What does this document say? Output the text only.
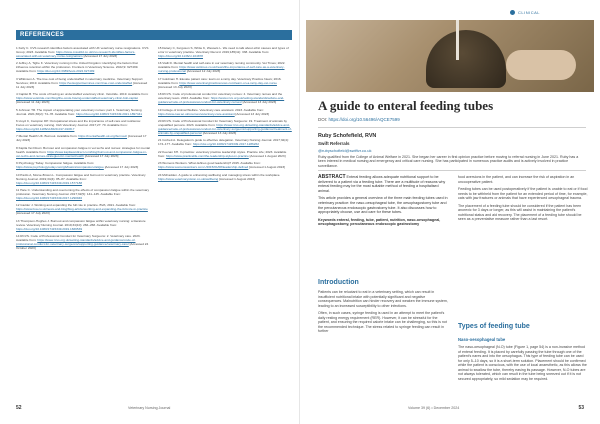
REFERENCES
1 Kelly C. CVS research identifies factors associated with UK veterinary nurse resignations. CVS Group; 2023. Available from: https://www.cvsukltd.co.uk/cvs-research-identifies-factors-associated-with-uk-veterinary-nurse-resignations [Accessed 17 July 2023]
2 Jeffrey A, Tighe K. Veterinary nursing in the United Kingdom: identifying the factors that influence retention within the profession. Frontiers in Veterinary Science. 2022;9: 927499. Available from: https://doi.org/10.3389/fvets.2022.927499
3 Wilkinson A. The true cost of being understaffed in veterinary medicine. Veterinary Support Services; 2019. Available from: https://vetsupportservices.com/true-cost-understaffed [Accessed 11 July 2023]
4 Capilet B. The costs of having an understaffed veterinary clinic. Vetstride. 2019. Available from: https://www.vetstride.com/blog/the-costs-having-understaffed-veterinary-clinic-bolt-capilet [Accessed 11 July 2023]
5 Johnson TR. The impact of appreciating your veterinary nurses: part 1. Veterinary Nursing Journal. 2021;36(2): 74–78. Available from: https://doi.org/10.1080/17415349.2021.1897441
6 Lloyd C, Campion DP. Occupational stress and the importance of self-care and resilience: Focus on veterinary nursing. Irish Veterinary Journal. 2017;27: 70. Available from: https://doi.org/10.1186/s13620-017-0108-7
7 Mental Health UK. Burnout. Available from: https://mentalhealth-uk.org/burnout/ [Accessed 17 July 2023]
8 Kapila Vet Direct. Burnout and compassion fatigue in vet techs and nurses: strategies for mental health. Available from: https://www.kapilavetdirect.com/blog/burnout-and-compassion-fatigue-in-vet-techs-and-nurses-strategies-for-mental-health [Accessed 17 July 2023]
9 Psychology Today. Compassion fatigue. Available from: https://www.psychologytoday.com/gb/basics/compassion-fatigue [Accessed 17 July 2023]
10 Pavlis A, Morse-Brown L. Compassion fatigue and burnout in veterinary practice. Veterinary Nursing Journal. 2019;34(4): 85–87. Available from: https://doi.org/10.1080/17415349.2019.1577188
11 Hare C. Understanding and overcoming the effects of compassion fatigue within the veterinary profession. Veterinary Nursing Journal. 2017;32(5): 141–145. Available from: https://doi.org/10.1080/17415349.2017.1290946
12 Gielder J. Working and expanding the full role in practice. BVA; 2021. Available from: https://www.bva.co.uk/news-and-blog/blog-article/working-and-expanding-the-full-role-in-practice [Accessed 17 July 2023]
13 Thompson-Hughes J. Burnout and compassion fatigue within veterinary nursing: a literature review. Veterinary Nursing Journal. 2019;34(10): 266–268. Available from: https://doi.org/10.1080/17415349.2019.1669539
14 RCVS. Code of Professional Conduct for Veterinary Surgeons: 2. Veterinary care. 2023. Available from: https://www.rcvs.org.uk/setting-standards/advice-and-guidance/code-of-professional-conduct-for-veterinary-surgeons/supporting-guidance/veterinary-care/ [Accessed 24 October 2023]
15 Delacy C, Ferguson S, White K, Wessels L. We need to talk about ethic causes and types of error in veterinary practice. Veterinary Record. 2019;185(11): 338. Available from: https://doi.org/10.1136/vr.104878
16 Vialli D. Mental health and self-care in our veterinary nursing community. Vet Times; 2022. Available from: https://www.vettimes.co.uk/news/the-importance-of-self-care-as-a-veterinary-nursing-professional [Accessed 12 July 2023]
17 Goldman H. Elevate patient care: learn on a rainy day. Veterinary Practice News; 2016. Available from: https://www.veterinarypracticenews.com/learn-on-a-rainy-day-vet-nurse [Accessed 13 July 2023]
18 RCVS. Code of professional conduct for veterinary nurses: 4. Veterinary nurses and the veterinary team. 2023. Available from: https://www.rcvs.org.uk/setting-standards/advice-and-guidance/code-of-professional-conduct-for-veterinary-nurses/ [Accessed 13 July 2023]
19 College of Animal Welfare. Veterinary care assistant. 2023. Available from: https://www.caw.ac.uk/courses/veterinary-care-assistant [Accessed 13 July 2023]
20 RCVS. Code of Professional Conduct for Veterinary Surgeons: 19. Treatment of animals by unqualified persons. 2023. Available from: https://www.rcvs.org.uk/setting-standards/advice-and-guidance/code-of-professional-conduct-for-veterinary-surgeons/supporting-guidance/treatment-of-animals-by-unqualified-persons/ [Accessed 13 July 2023]
21 Corbett A. Delegation's guide to effective delegation. Veterinary Nursing Journal. 2017;32(4): 174–177. Available from: https://doi.org/10.1080/17415349.2017.1286262
22 Keenan KH. In practice: veterinary practice leadership styles. Practice Life; 2023. Available from: https://www.practicelife.com/the-leadership-styles-in-practice [Accessed 1 August 2023]
23 Womens Workers. What defines good leadership? 2015. Available from: https://www.womensworkers.com/-/2015/01/08/leadership-defined [Accessed 1 August 2023]
24 McFadden. A guide to enhancing wellbeing and managing stress within the workplace. https://www.veterinaryvision.co.uk/wellbeing [Accessed 1 August 2023]
52	Veterinary Nursing Journal
CLINICAL
A guide to enteral feeding tubes
DOI: https://doi.org/10.56496/AQCE7599
Ruby Schofefield, RVN
Swift Referrals
@rubyschofield@swiftvr.co.uk
Ruby qualified from the College of Animal Welfare in 2021. She began her career in first opinion practice before moving to referral nursing in June 2021. Ruby has a keen interest in medical nursing and emergency and critical care nursing. She has participated in numerous practice audits and is actively involved in practice surveillance.

ABSTRACT Enteral feeding allows adequate nutritional support to be delivered to a patient via a feeding tube. There are a multitude of reasons why enteral feeding may be the most suitable method of feeding a hospitalised animal.

This article provides a general overview of the three main feeding tubes used in veterinary practice: the naso-oesophageal tube, the oesophagostomy tube and the percutaneous endoscopic gastrostomy tube. It also discusses how to appropriately choose, use and care for these tubes.

Keywords enteral, feeding, tube, patient, nutrition, naso-oesophageal, oesophagostomy, percutaneous endoscopic gastrostomy

Introduction

Patients can be reluctant to eat in a veterinary setting, which can result in insufficient nutritional intake with potentially significant and negative consequences. Malnutrition can hinder recovery and weaken the immune system, leading to an increased susceptibility to other infections.

Often, in such cases, syringe feeding is used in an attempt to meet the patient's daily resting energy requirement (RER). However, it can be stressful for the patient, and ensuring the required calorie intake can be challenging, so this is not the recommended technique. The stress related to syringe feeding can result in further

food aversions in the patient, and can increase the risk of aspiration in an uncooperative patient.

Feeding tubes can be used postoperatively if the patient is unable to eat or if food needs to be withheld from the patient for an extended period of time, for example, cats with jaw fractures or animals that have experienced oesophageal trauma.

The placement of a feeding tube should be considered if the patient has been anorexic for 3 days or longer, as this will assist in maintaining the patient's nutritional status and aid recovery. The placement of a feeding tube should be seen as a preventative measure rather than a last resort.

Types of feeding tube
Naso-oesophageal tube
The naso-oesophageal (N-O) tube (Figure 1, page 54) is a non-invasive method of enteral feeding. It is placed by carefully passing the tube through one of the patient's nares and into the oesophagus. This type of feeding tube can be used for only 5–10 days, so it is a short-term solution. Placement should be confirmed while the patient is conscious, with the use of local anaesthetic, as this allows the animal to swallow the tube, thereby easing its passage. However, N-O tubes are not always tolerated, which can result in the tube being sneezed out if it is not secured appropriately, so mild sedation may be required.
53
Volume 39 (6) • December 2024
